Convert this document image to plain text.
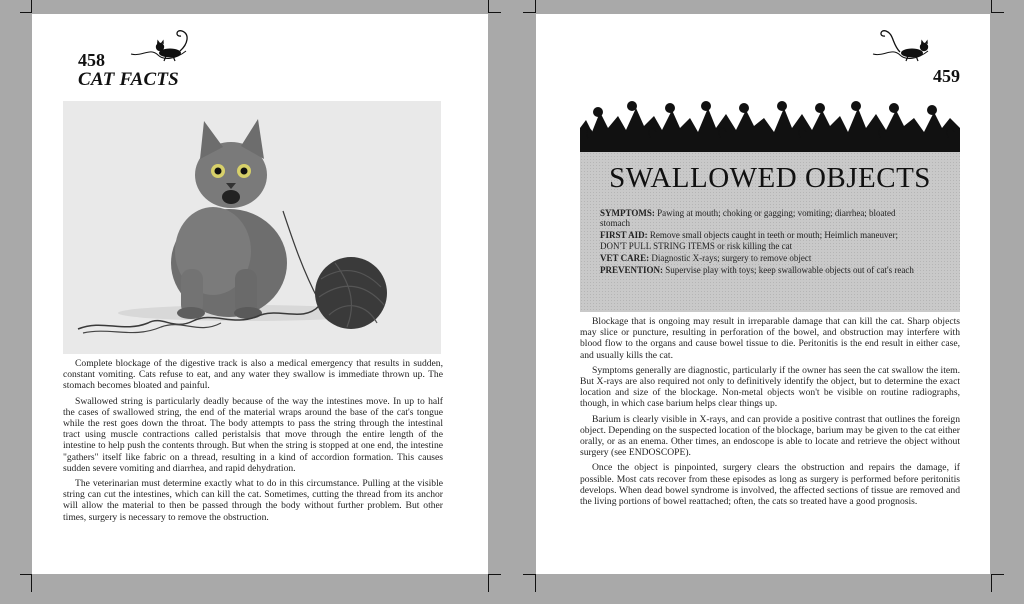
458
CAT FACTS

Complete blockage of the digestive track is also a medical emergency that results in sudden, constant vomiting. Cats refuse to eat, and any water they swallow is immediate thrown up. The stomach becomes bloated and painful.

Swallowed string is particularly deadly because of the way the intestines move. In up to half the cases of swallowed string, the end of the material wraps around the base of the cat's tongue while the rest goes down the throat. The body attempts to pass the string through the intestinal tract using muscle contractions called peristalsis that move through the entire length of the intestine to help push the contents through. But when the string is stopped at one end, the intestine "gathers" itself like fabric on a thread, resulting in a kind of accordion formation. This causes sudden severe vomiting and diarrhea, and rapid dehydration.

The veterinarian must determine exactly what to do in this circumstance. Pulling at the visible string can cut the intestines, which can kill the cat. Sometimes, cutting the thread from its anchor will allow the material to then be passed through the body without further problem. But other times, surgery is necessary to remove the obstruction.

459
SWALLOWED OBJECTS
SYMPTOMS: Pawing at mouth; choking or gagging; vomiting; diarrhea; bloated stomach
FIRST AID: Remove small objects caught in teeth or mouth; Heimlich maneuver; DON'T PULL STRING ITEMS or risk killing the cat
VET CARE: Diagnostic X-rays; surgery to remove object
PREVENTION: Supervise play with toys; keep swallowable objects out of cat's reach

Blockage that is ongoing may result in irreparable damage that can kill the cat. Sharp objects may slice or puncture, resulting in perforation of the bowel, and obstruction may interfere with blood flow to the organs and cause bowel tissue to die. Peritonitis is the end result in either case, and usually kills the cat.

Symptoms generally are diagnostic, particularly if the owner has seen the cat swallow the item. But X-rays are also required not only to definitively identify the object, but to determine the exact location and size of the blockage. Non-metal objects won't be visible on routine radiographs, though, in which case barium helps clear things up.

Barium is clearly visible in X-rays, and can provide a positive contrast that outlines the foreign object. Depending on the suspected location of the blockage, barium may be given to the cat either orally, or as an enema. Other times, an endoscope is able to locate and retrieve the object without surgery (see ENDOSCOPE).

Once the object is pinpointed, surgery clears the obstruction and repairs the damage, if possible. Most cats recover from these episodes as long as surgery is performed before peritonitis develops. When dead bowel syndrome is involved, the affected sections of tissue are removed and the living portions of bowel reattached; often, the cats so treated have a good prognosis.
